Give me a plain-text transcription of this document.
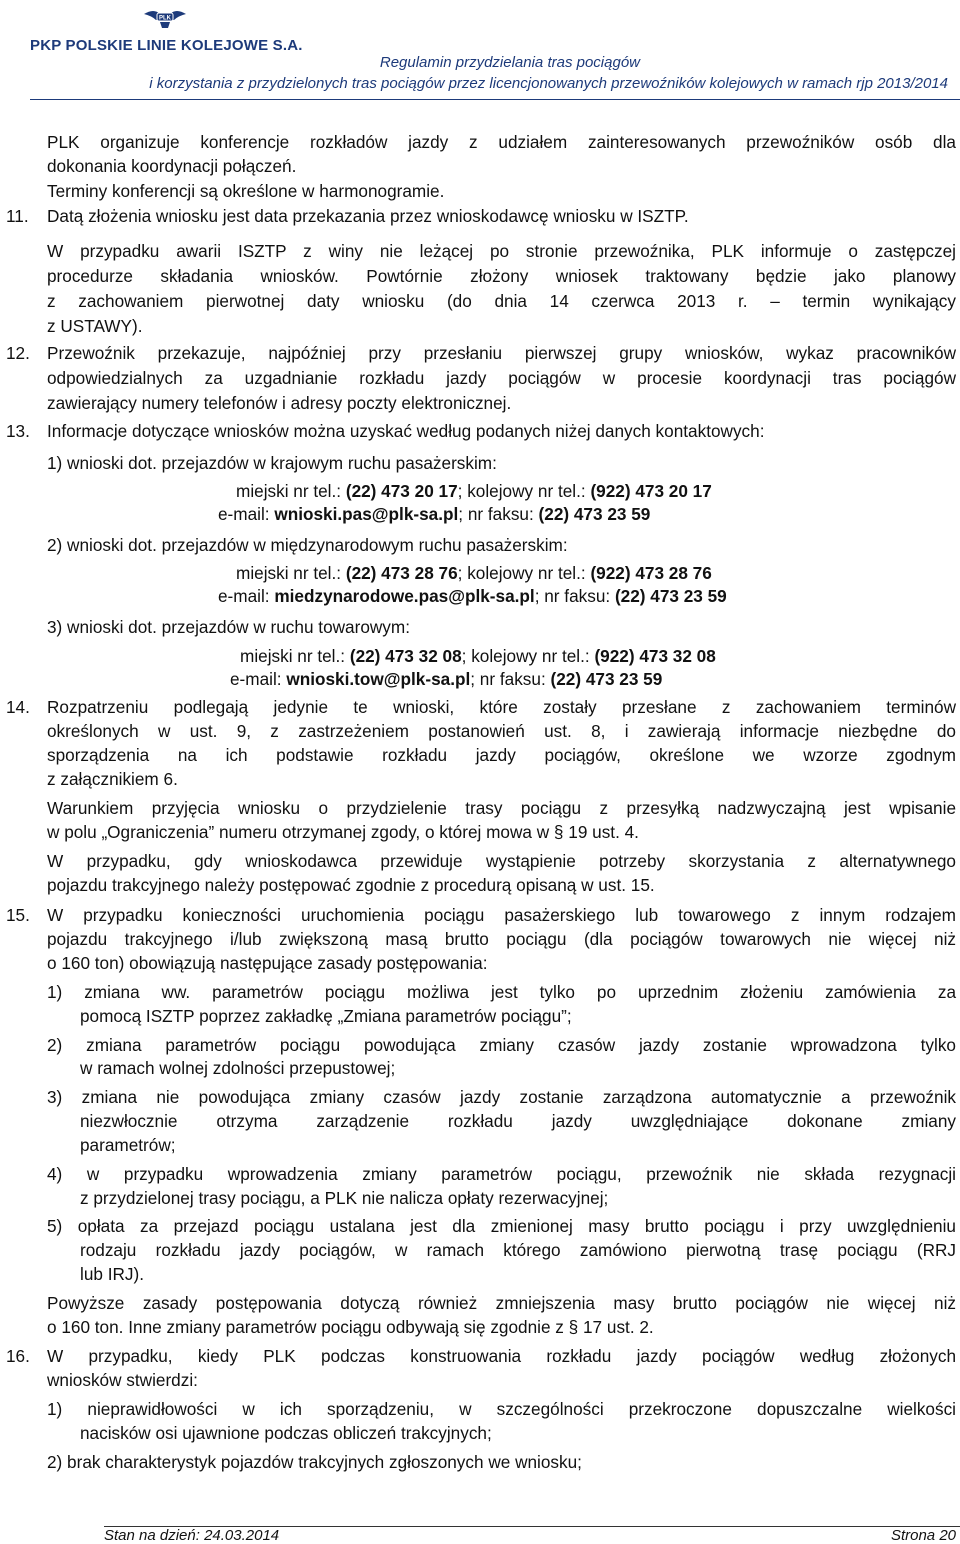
PLK
PKP POLSKIE LINIE KOLEJOWE S.A.
Regulamin przydzielania tras pociągów
i korzystania z przydzielonych tras pociągów przez licencjonowanych przewoźników kolejowych w ramach rjp 2013/2014
PLK organizuje konferencje rozkładów jazdy z udziałem zainteresowanych przewoźników osób dla
dokonania koordynacji połączeń.
Terminy konferencji są określone w harmonogramie.
11. Datą złożenia wniosku jest data przekazania przez wnioskodawcę wniosku w ISZTP.
W przypadku awarii ISZTP z winy nie leżącej po stronie przewoźnika, PLK informuje o zastępczej
procedurze składania wniosków. Powtórnie złożony wniosek traktowany będzie jako planowy
z zachowaniem pierwotnej daty wniosku (do dnia 14 czerwca 2013 r. – termin wynikający
z USTAWY).
12. Przewoźnik przekazuje, najpóźniej przy przesłaniu pierwszej grupy wniosków, wykaz pracowników
odpowiedzialnych za uzgadnianie rozkładu jazdy pociągów w procesie koordynacji tras pociągów
zawierający numery telefonów i adresy poczty elektronicznej.
13. Informacje dotyczące wniosków można uzyskać według podanych niżej danych kontaktowych:
1) wnioski dot. przejazdów w krajowym ruchu pasażerskim:
miejski nr tel.: (22) 473 20 17; kolejowy nr tel.: (922) 473 20 17
e-mail: wnioski.pas@plk-sa.pl; nr faksu: (22) 473 23 59
2) wnioski dot. przejazdów w międzynarodowym ruchu pasażerskim:
miejski nr tel.: (22) 473 28 76; kolejowy nr tel.: (922) 473 28 76
e-mail: miedzynarodowe.pas@plk-sa.pl; nr faksu: (22) 473 23 59
3) wnioski dot. przejazdów w ruchu towarowym:
miejski nr tel.: (22) 473 32 08; kolejowy nr tel.: (922) 473 32 08
e-mail: wnioski.tow@plk-sa.pl; nr faksu: (22) 473 23 59
14. Rozpatrzeniu podlegają jedynie te wnioski, które zostały przesłane z zachowaniem terminów
określonych w ust. 9, z zastrzeżeniem postanowień ust. 8, i zawierają informacje niezbędne do
sporządzenia na ich podstawie rozkładu jazdy pociągów, określone we wzorze zgodnym
z załącznikiem 6.
Warunkiem przyjęcia wniosku o przydzielenie trasy pociągu z przesyłką nadzwyczajną jest wpisanie
w polu „Ograniczenia” numeru otrzymanej zgody, o której mowa w § 19 ust. 4.
W przypadku, gdy wnioskodawca przewiduje wystąpienie potrzeby skorzystania z alternatywnego
pojazdu trakcyjnego należy postępować zgodnie z procedurą opisaną w ust. 15.
15. W przypadku konieczności uruchomienia pociągu pasażerskiego lub towarowego z innym rodzajem
pojazdu trakcyjnego i/lub zwiększoną masą brutto pociągu (dla pociągów towarowych nie więcej niż
o 160 ton) obowiązują następujące zasady postępowania:
1) zmiana ww. parametrów pociągu możliwa jest tylko po uprzednim złożeniu zamówienia za
pomocą ISZTP poprzez zakładkę „Zmiana parametrów pociągu”;
2) zmiana parametrów pociągu powodująca zmiany czasów jazdy zostanie wprowadzona tylko
w ramach wolnej zdolności przepustowej;
3) zmiana nie powodująca zmiany czasów jazdy zostanie zarządzona automatycznie a przewoźnik
niezwłocznie otrzyma zarządzenie rozkładu jazdy uwzględniające dokonane zmiany
parametrów;
4) w przypadku wprowadzenia zmiany parametrów pociągu, przewoźnik nie składa rezygnacji
z przydzielonej trasy pociągu, a PLK nie nalicza opłaty rezerwacyjnej;
5) opłata za przejazd pociągu ustalana jest dla zmienionej masy brutto pociągu i przy uwzględnieniu
rodzaju rozkładu jazdy pociągów, w ramach którego zamówiono pierwotną trasę pociągu (RRJ
lub IRJ).
Powyższe zasady postępowania dotyczą również zmniejszenia masy brutto pociągów nie więcej niż
o 160 ton. Inne zmiany parametrów pociągu odbywają się zgodnie z § 17 ust. 2.
16. W przypadku, kiedy PLK podczas konstruowania rozkładu jazdy pociągów według złożonych
wniosków stwierdzi:
1) nieprawidłowości w ich sporządzeniu, w szczególności przekroczone dopuszczalne wielkości
nacisków osi ujawnione podczas obliczeń trakcyjnych;
2) brak charakterystyk pojazdów trakcyjnych zgłoszonych we wniosku;
Stan na dzień: 24.03.2014	Strona 20
